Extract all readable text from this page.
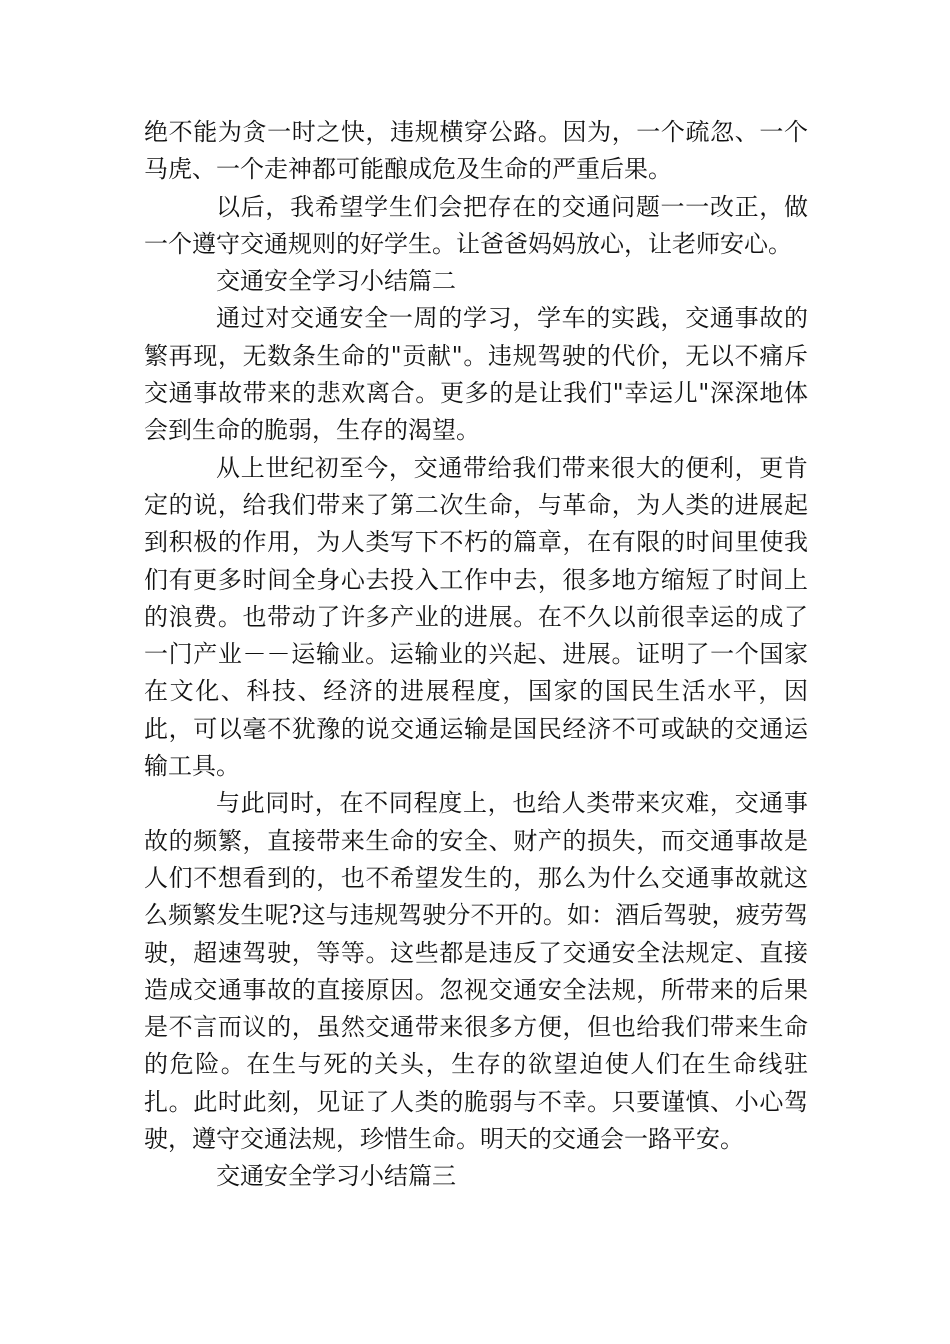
绝不能为贪一时之快，违规横穿公路。因为，一个疏忽、一个马虎、一个走神都可能酿成危及生命的严重后果。

以后，我希望学生们会把存在的交通问题一一改正，做一个遵守交通规则的好学生。让爸爸妈妈放心，让老师安心。

交通安全学习小结篇二

通过对交通安全一周的学习，学车的实践，交通事故的繁再现，无数条生命的"贡献"。违规驾驶的代价，无以不痛斥交通事故带来的悲欢离合。更多的是让我们"幸运儿"深深地体会到生命的脆弱，生存的渴望。

从上世纪初至今，交通带给我们带来很大的便利，更肯定的说，给我们带来了第二次生命，与革命，为人类的进展起到积极的作用，为人类写下不朽的篇章，在有限的时间里使我们有更多时间全身心去投入工作中去，很多地方缩短了时间上的浪费。也带动了许多产业的进展。在不久以前很幸运的成了一门产业－－运输业。运输业的兴起、进展。证明了一个国家在文化、科技、经济的进展程度，国家的国民生活水平，因此，可以毫不犹豫的说交通运输是国民经济不可或缺的交通运输工具。

与此同时，在不同程度上，也给人类带来灾难，交通事故的频繁，直接带来生命的安全、财产的损失，而交通事故是人们不想看到的，也不希望发生的，那么为什么交通事故就这么频繁发生呢?这与违规驾驶分不开的。如：酒后驾驶，疲劳驾驶，超速驾驶，等等。这些都是违反了交通安全法规定、直接造成交通事故的直接原因。忽视交通安全法规，所带来的后果是不言而议的，虽然交通带来很多方便，但也给我们带来生命的危险。在生与死的关头，生存的欲望迫使人们在生命线驻扎。此时此刻，见证了人类的脆弱与不幸。只要谨慎、小心驾驶，遵守交通法规，珍惜生命。明天的交通会一路平安。

交通安全学习小结篇三
